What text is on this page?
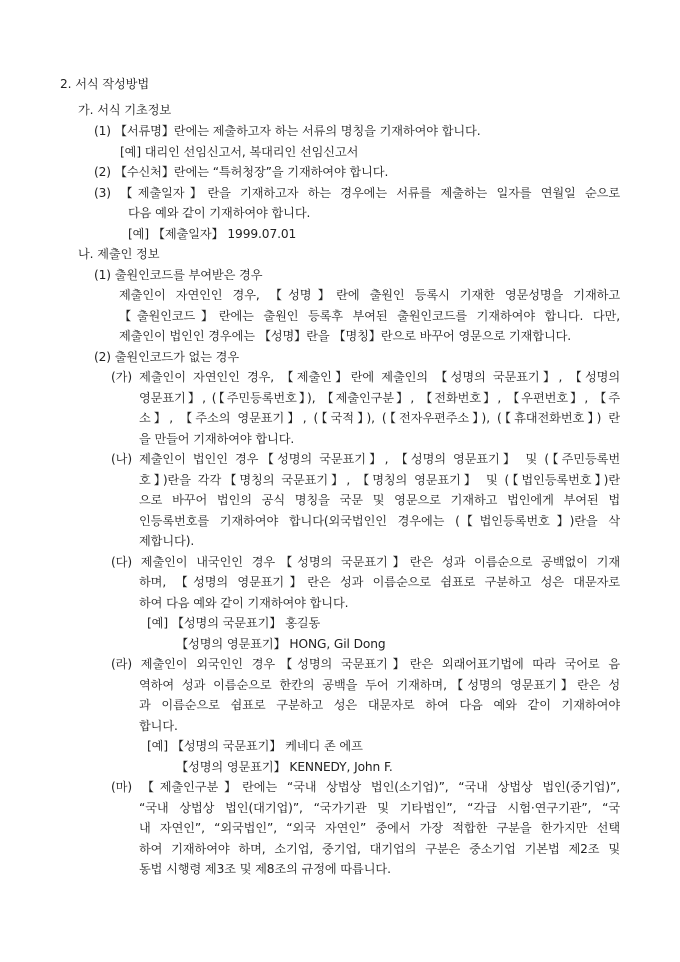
2. 서식 작성방법
가. 서식 기초정보
(1) 【서류명】란에는 제출하고자 하는 서류의 명칭을 기재하여야 합니다.
[예] 대리인 선임신고서, 복대리인 선임신고서
(2) 【수신처】란에는 “특허청장”을 기재하여야 합니다.
(3) 【제출일자】란을 기재하고자 하는 경우에는 서류를 제출하는 일자를 연월일 순으로
다음 예와 같이 기재하여야 합니다.
[예] 【제출일자】 1999.07.01
나. 제출인 정보
(1) 출원인코드를 부여받은 경우
제출인이 자연인인 경우, 【성명】란에 출원인 등록시 기재한 영문성명을 기재하고
【출원인코드】란에는 출원인 등록후 부여된 출원인코드를 기재하여야 합니다. 다만,
제출인이 법인인 경우에는 【성명】란을 【명칭】란으로 바꾸어 영문으로 기재합니다.
(2) 출원인코드가 없는 경우
(가) 제출인이 자연인인 경우, 【제출인】란에 제출인의 【성명의 국문표기】, 【성명의
영문표기】, (【주민등록번호】), 【제출인구분】, 【전화번호】, 【우편번호】, 【주
소】, 【주소의 영문표기】, (【국적】), (【전자우편주소】), (【휴대전화번호】) 란
을 만들어 기재하여야 합니다.
(나) 제출인이 법인인 경우【성명의 국문표기】, 【성명의 영문표기】 및 (【주민등록번
호】)란을 각각【명칭의 국문표기】, 【명칭의 영문표기】 및 (【법인등록번호】)란
으로 바꾸어 법인의 공식 명칭을 국문 및 영문으로 기재하고 법인에게 부여된 법
인등록번호를 기재하여야 합니다(외국법인인 경우에는 (【법인등록번호】)란을 삭
제합니다).
(다) 제출인이 내국인인 경우【성명의 국문표기】란은 성과 이름순으로 공백없이 기재
하며, 【성명의 영문표기】란은 성과 이름순으로 쉼표로 구분하고 성은 대문자로
하여 다음 예와 같이 기재하여야 합니다.
[예] 【성명의 국문표기】 홍길동
【성명의 영문표기】 HONG, Gil Dong
(라) 제출인이 외국인인 경우【성명의 국문표기】란은 외래어표기법에 따라 국어로 음
역하여 성과 이름순으로 한칸의 공백을 두어 기재하며,【성명의 영문표기】란은 성
과 이름순으로 쉼표로 구분하고 성은 대문자로 하여 다음 예와 같이 기재하여야
합니다.
[예] 【성명의 국문표기】 케네디 존 에프
【성명의 영문표기】 KENNEDY, John F.
(마) 【제출인구분】란에는 “국내 상법상 법인(소기업)”, “국내 상법상 법인(중기업)”,
“국내 상법상 법인(대기업)”, “국가기관 및 기타법인”, “각급 시험·연구기관”, “국
내 자연인”, “외국법인”, “외국 자연인” 중에서 가장 적합한 구분을 한가지만 선택
하여 기재하여야 하며, 소기업, 중기업, 대기업의 구분은 중소기업 기본법 제2조 및
동법 시행령 제3조 및 제8조의 규정에 따릅니다.
